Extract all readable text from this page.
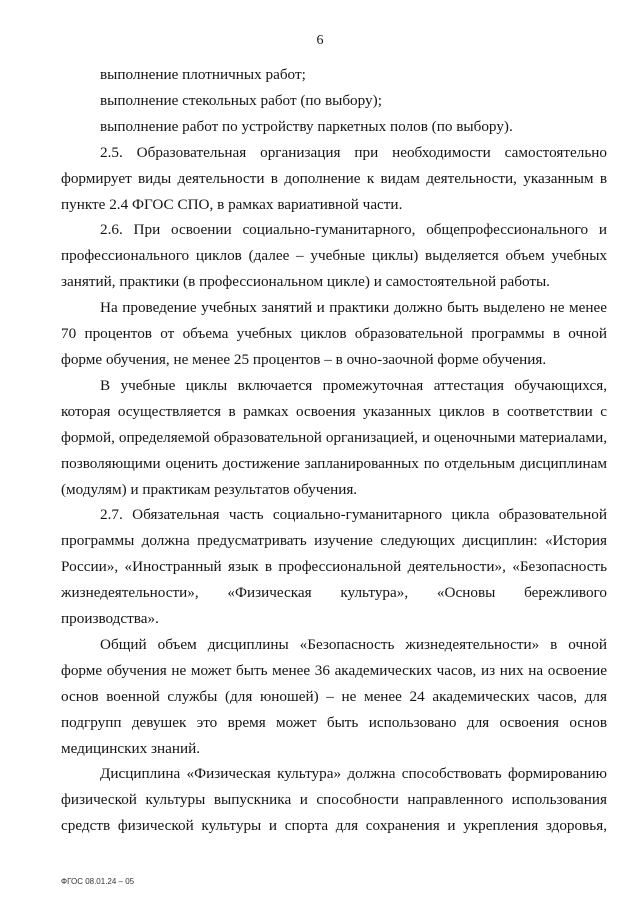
6

выполнение плотничных работ;

выполнение стекольных работ (по выбору);

выполнение работ по устройству паркетных полов (по выбору).

2.5. Образовательная организация при необходимости самостоятельно формирует виды деятельности в дополнение к видам деятельности, указанным в пункте 2.4 ФГОС СПО, в рамках вариативной части.

2.6. При освоении социально-гуманитарного, общепрофессионального и профессионального циклов (далее – учебные циклы) выделяется объем учебных занятий, практики (в профессиональном цикле) и самостоятельной работы.

На проведение учебных занятий и практики должно быть выделено не менее 70 процентов от объема учебных циклов образовательной программы в очной форме обучения, не менее 25 процентов – в очно-заочной форме обучения.

В учебные циклы включается промежуточная аттестация обучающихся, которая осуществляется в рамках освоения указанных циклов в соответствии с формой, определяемой образовательной организацией, и оценочными материалами, позволяющими оценить достижение запланированных по отдельным дисциплинам (модулям) и практикам результатов обучения.

2.7. Обязательная часть социально-гуманитарного цикла образовательной программы должна предусматривать изучение следующих дисциплин: «История России», «Иностранный язык в профессиональной деятельности», «Безопасность жизнедеятельности», «Физическая культура», «Основы бережливого производства».

Общий объем дисциплины «Безопасность жизнедеятельности» в очной форме обучения не может быть менее 36 академических часов, из них на освоение основ военной службы (для юношей) – не менее 24 академических часов, для подгрупп девушек это время может быть использовано для освоения основ медицинских знаний.

Дисциплина «Физическая культура» должна способствовать формированию физической культуры выпускника и способности направленного использования средств физической культуры и спорта для сохранения и укрепления здоровья,

ФГОС 08.01.24 – 05
